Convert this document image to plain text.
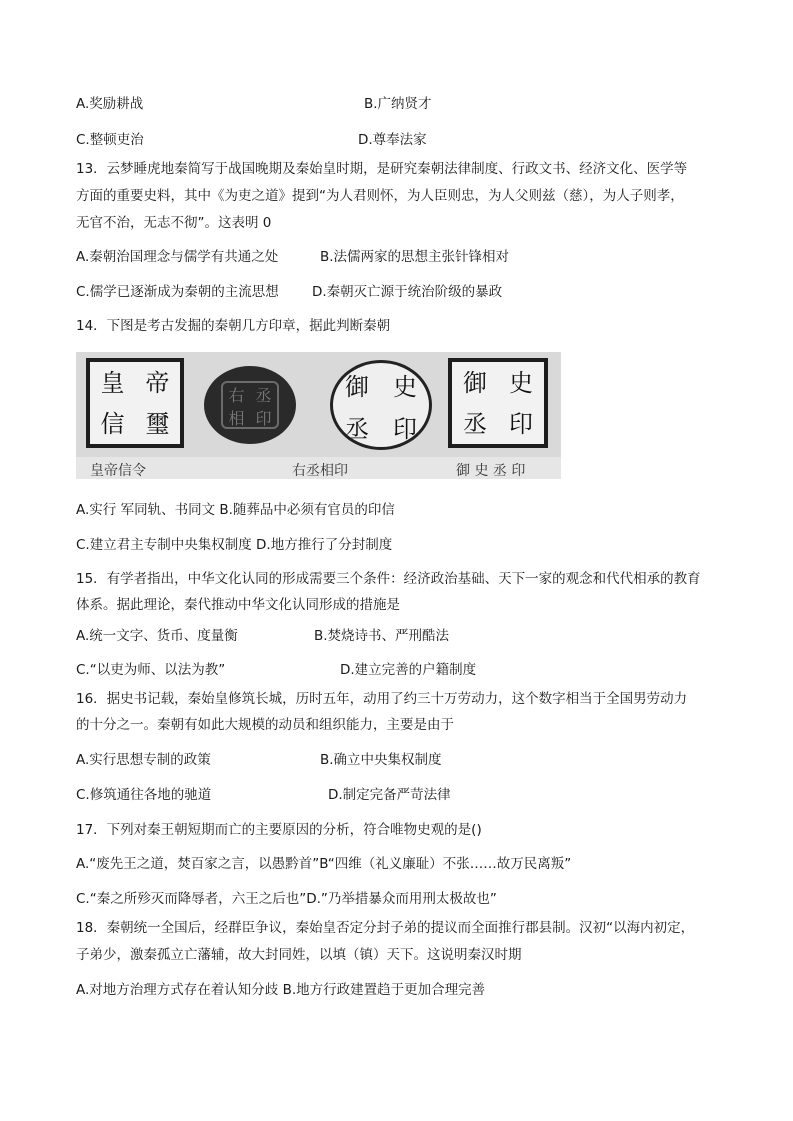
A.奖励耕战	B.广纳贤才
C.整顿吏治	D.尊奉法家
13．云梦睡虎地秦简写于战国晚期及秦始皇时期，是研究秦朝法律制度、行政文书、经济文化、医学等
方面的重要史料，其中《为吏之道》提到“为人君则怀，为人臣则忠，为人父则兹（慈），为人子则孝，
无官不治，无志不彻”。这表明 0
A.秦朝治国理念与儒学有共通之处	B.法儒两家的思想主张针锋相对
C.儒学已逐渐成为秦朝的主流思想 D.秦朝灭亡源于统治阶级的暴政
14．下图是考古发掘的秦朝几方印章，据此判断秦朝
皇 帝
信 璽
右 丞
相 印
御 史
丞 印
御 史
丞 印
皇帝信令	右丞相印	御 史 丞 印
A.实行 军同轨、书同文 B.随葬品中必须有官员的印信
C.建立君主专制中央集权制度 D.地方推行了分封制度
15．有学者指出，中华文化认同的形成需要三个条件：经济政治基础、天下一家的观念和代代相承的教育
体系。据此理论，秦代推动中华文化认同形成的措施是
A.统一文字、货币、度量衡	B.焚烧诗书、严刑酷法
C.“以吏为师、以法为教”	D.建立完善的户籍制度
16．据史书记载，秦始皇修筑长城，历时五年，动用了约三十万劳动力，这个数字相当于全国男劳动力
的十分之一。秦朝有如此大规模的动员和组织能力，主要是由于
A.实行思想专制的政策	B.确立中央集权制度
C.修筑通往各地的驰道	D.制定完备严苛法律
17．下列对秦王朝短期而亡的主要原因的分析，符合唯物史观的是()
A.“废先王之道，焚百家之言，以愚黔首”B“四维（礼义廉耻）不张……故万民离叛”
C.“秦之所殄灭而降辱者，六王之后也”D.”乃举措暴众而用刑太极故也”
18．秦朝统一全国后，经群臣争议，秦始皇否定分封子弟的提议而全面推行郡县制。汉初“以海内初定，
子弟少，激秦孤立亡藩辅，故大封同姓，以填（镇）天下。这说明秦汉时期
A.对地方治理方式存在着认知分歧 B.地方行政建置趋于更加合理完善
